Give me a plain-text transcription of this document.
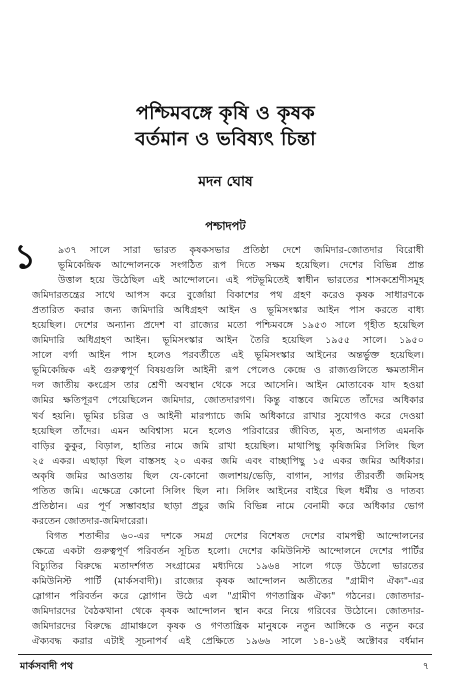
পশ্চিমবঙ্গে কৃষি ও কৃষক
বর্তমান ও ভবিষ্যৎ চিন্তা
মদন ঘোষ
পশ্চাদপট
১	৯৩৭ সালে সারা ভারত কৃষকসভার প্রতিষ্ঠা দেশে জমিদার-জোতদার বিরোধী
ভূমিকেন্দ্রিক আন্দোলনকে সংগঠিত রূপ দিতে সক্ষম হয়েছিল। দেশের বিভিন্ন প্রান্ত
উত্তাল হয়ে উঠেছিল এই আন্দোলনে। এই পটভূমিতেই স্বাধীন ভারতের শাসকশ্রেণীসমূহ
জমিদারতন্ত্রের সাথে আপস করে বুর্জোয়া বিকাশের পথ গ্রহণ করেও কৃষক সাধারণকে
প্রতারিত করার জন্য জমিদারি অধিগ্রহণ আইন ও ভূমিসংস্কার আইন পাস করতে বাধ্য
হয়েছিল। দেশের অন্যান্য প্রদেশ বা রাজ্যের মতো পশ্চিমবঙ্গে ১৯৫৩ সালে গৃহীত হয়েছিল
জমিদারি অধিগ্রহণ আইন। ভূমিসংস্কার আইন তৈরি হয়েছিল ১৯৫৫ সালে। ১৯৫০
সালে বর্গা আইন পাস হলেও পরবর্তীতে এই ভূমিসংস্কার আইনের অন্তর্ভুক্ত হয়েছিল।
ভূমিকেন্দ্রিক এই গুরুত্বপূর্ণ বিষয়গুলি আইনী রূপ পেলেও কেন্দ্রে ও রাজ্যগুলিতে ক্ষমতাসীন
দল জাতীয় কংগ্রেস তার শ্রেণী অবস্থান থেকে সরে আসেনি। আইন মোতাবেক যাদ হওয়া
জমির ক্ষতিপূরণ পেয়েছিলেন জমিদার, জোতদারগণ। কিন্তু বাস্তবে জমিতে তাঁদের অধিকার
খর্ব হয়নি। ভূমির চরিত্র ও আইনী মারপ্যাচে জমি অধিকারে রাখার সুযোগও করে দেওয়া
হয়েছিল তাঁদের। এমন অবিশ্বাস্য মনে হলেও পরিবারের জীবিত, মৃত, অনাগত এমনকি
বাড়ির কুকুর, বিড়াল, হাতির নামে জমি রাখা হয়েছিল। মাথাপিছু কৃষিজমির সিলিং ছিল
২৫ একর। এছাড়া ছিল বাস্তসহ ২০ একর জমি এবং বাচ্ছাপিছু ১৫ একর জমির অধিকার।
অকৃষি জমির আওতায় ছিল যে-কোনো জলাশয়/ভেড়ি, বাগান, সাগর তীরবর্তী জমিসহ
পতিত জমি। এক্ষেত্রে কোনো সিলিং ছিল না। সিলিং আইনের বাইরে ছিল ধর্মীয় ও দাতব্য
প্রতিষ্ঠান। এর পূর্ণ সম্ভাবহার ছাড়া প্রচুর জমি বিভিন্ন নামে বেনামী করে অধিকার ভোগ
করতেন জোতদার-জমিদারেরা।
বিগত শতাব্দীর ৬০-এর দশকে সমগ্র দেশের বিশেষত দেশের বামপন্থী আন্দোলনের
ক্ষেত্রে একটা গুরুত্বপূর্ণ পরিবর্তন সূচিত হলো। দেশের কমিউনিস্ট আন্দোলনে দেশের পার্টির
বিচ্যুতির বিরুদ্ধে মতাদর্শগত সংগ্রামের মধ্যদিয়ে ১৯৬৪ সালে গড়ে উঠলো ভারতের
কমিউনিস্ট পার্টি (মার্কসবাদী)। রাজ্যের কৃষক আন্দোলন অতীতের "গ্রামীণ ঐক্য"-এর
স্লোগান পরিবর্তন করে স্লোগান উঠে এল "গ্রামীণ গণতান্ত্রিক ঐক্য" গঠনের। জোতদার-
জমিদারদের বৈঠকখানা থেকে কৃষক আন্দোলন স্থান করে নিয়ে গরিবের উঠোনে। জোতদার-
জমিদারদের বিরুদ্ধে গ্রামাঞ্চলে কৃষক ও গণতান্ত্রিক মানুষকে নতুন আঙ্গিকে ও নতুন করে
ঐক্যবদ্ধ করার এটাই সূচনাপর্ব এই প্রেক্ষিতে ১৯৬৬ সালে ১৪-১৬ই অক্টোবর বর্ধমান
মার্কসবাদী পথ	৭
